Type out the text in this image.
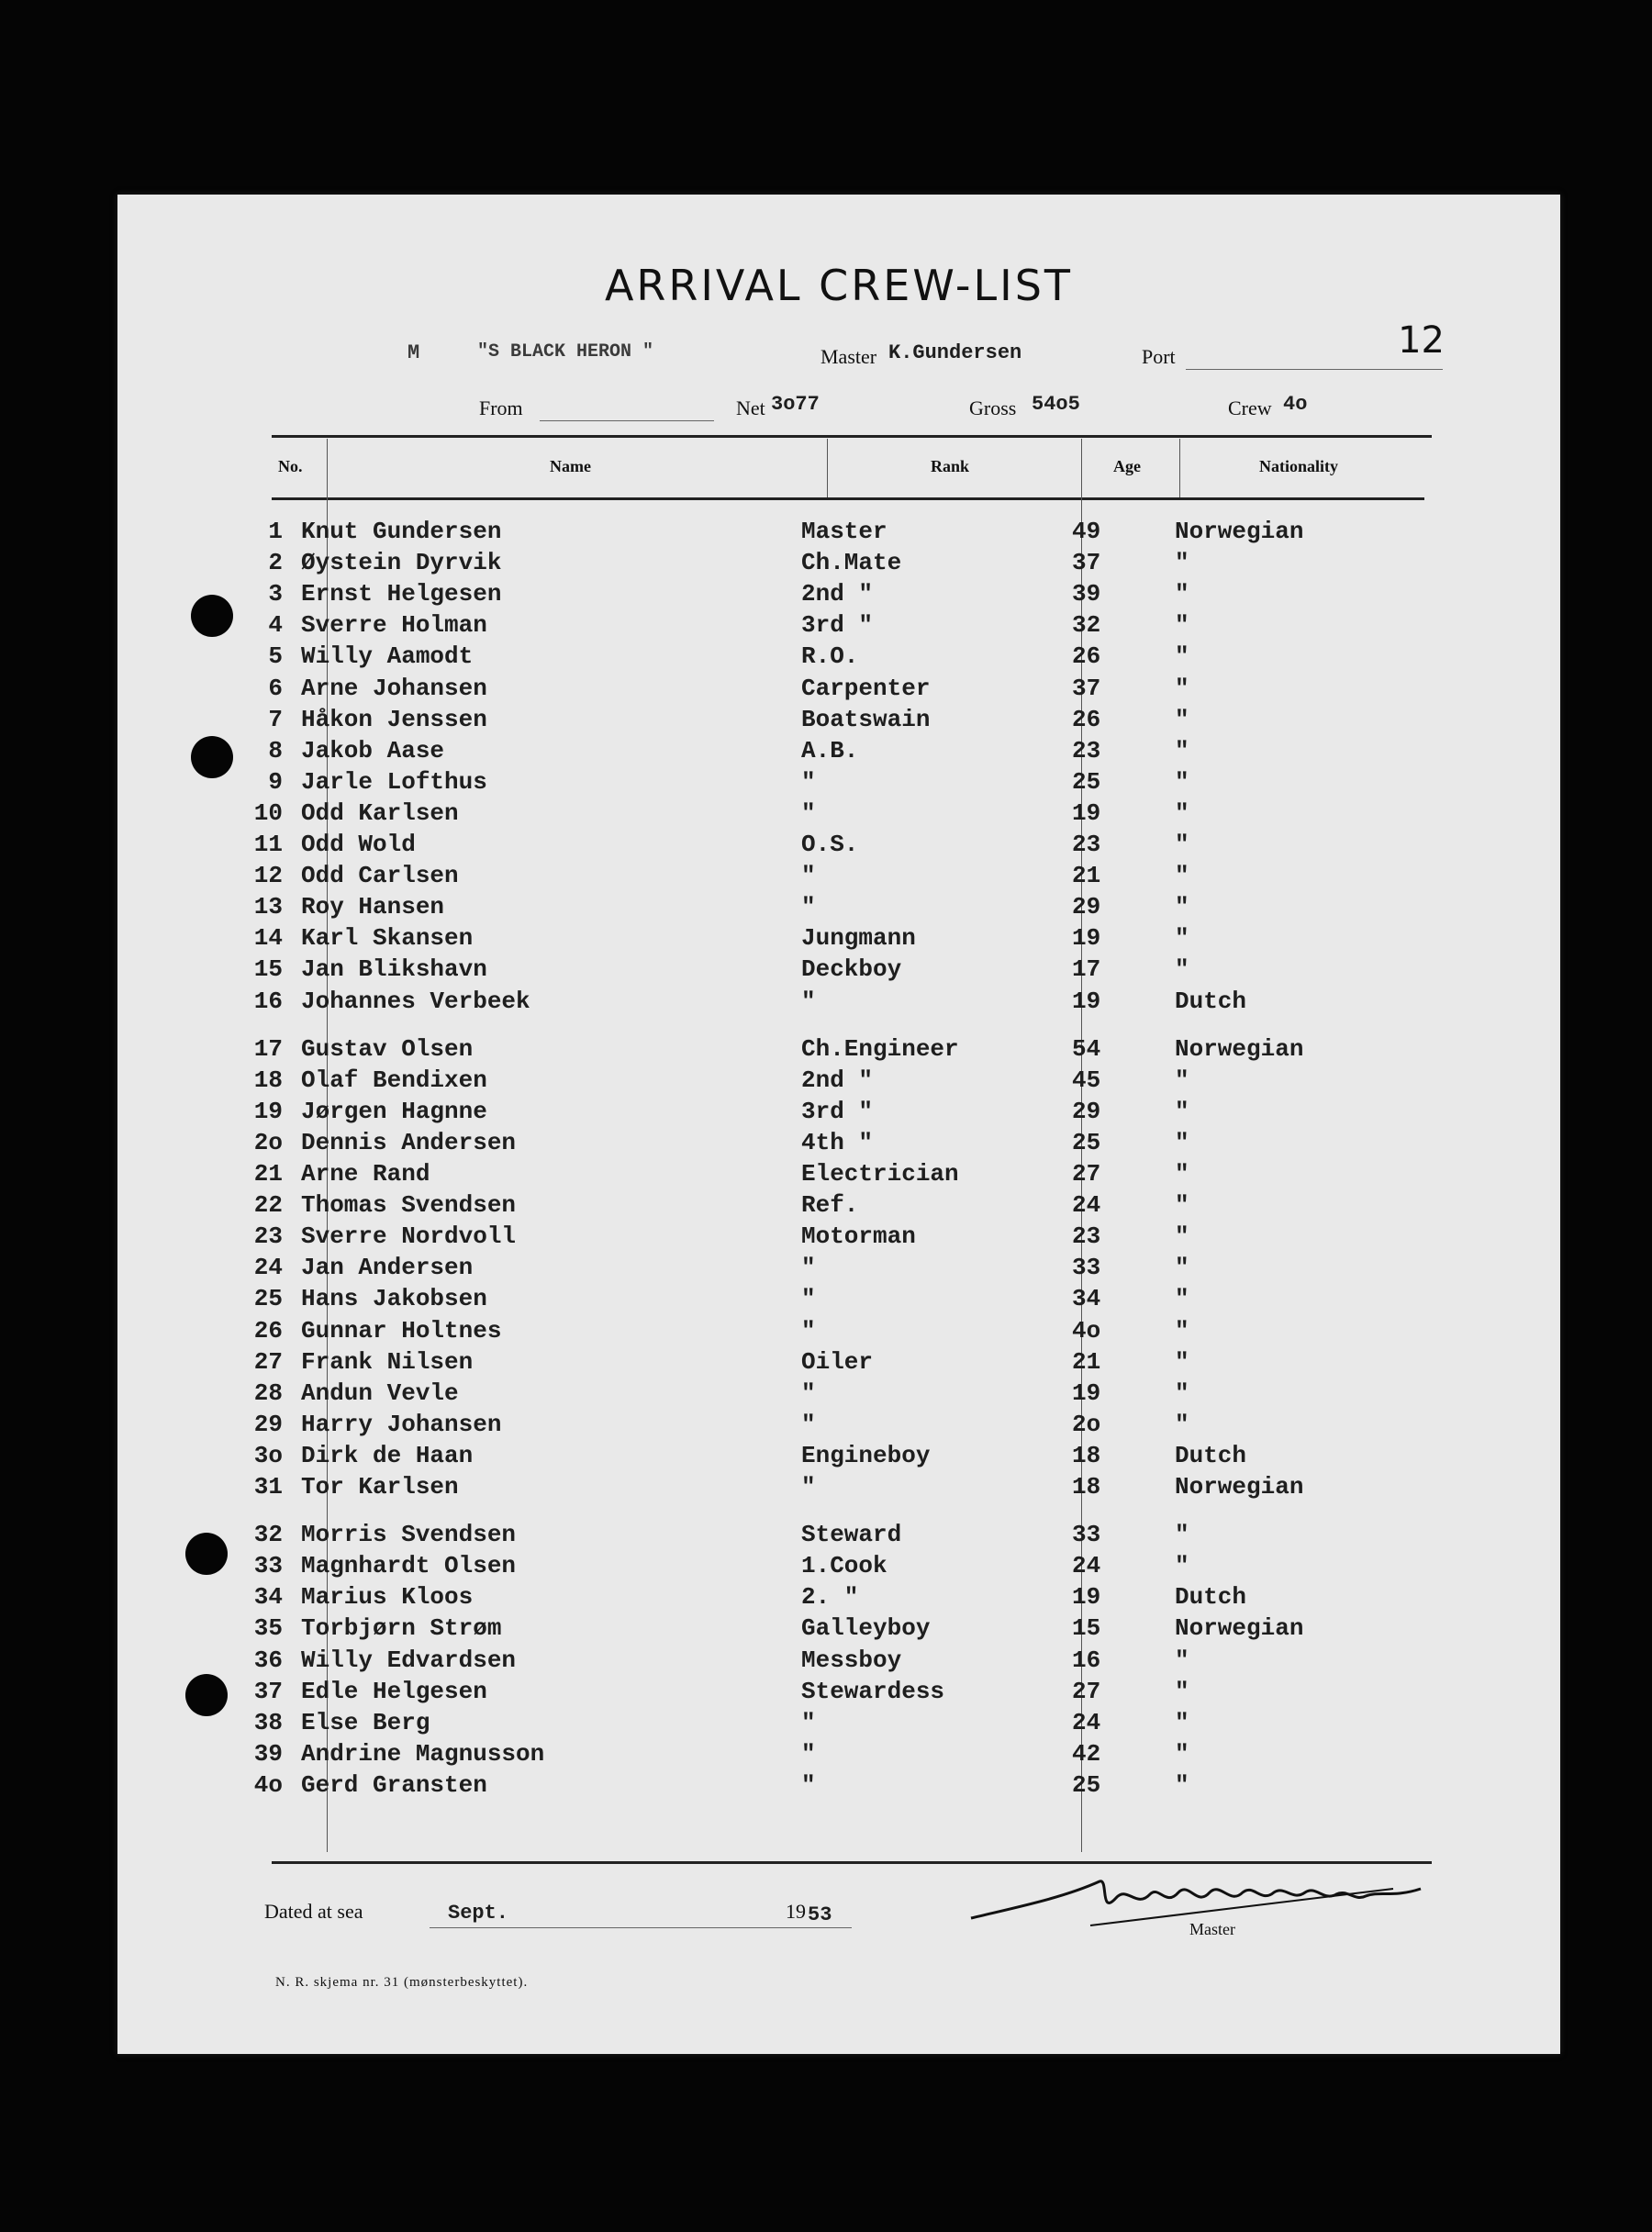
ARRIVAL CREW-LIST
12
M	"S BLACK HERON "	Master K.Gundersen	Port
From	Net 3o77	Gross 54o5	Crew 4o
No.	Name	Rank	Age	Nationality
1 Knut Gundersen	Master	49	Norwegian
2 Øystein Dyrvik	Ch.Mate	37	"
3 Ernst Helgesen	2nd "	39	"
4 Sverre Holman	3rd "	32	"
5 Willy Aamodt	R.O.	26	"
6 Arne Johansen	Carpenter	37	"
7 Håkon Jenssen	Boatswain	26	"
8 Jakob Aase	A.B.	23	"
9 Jarle Lofthus	"	25	"
10 Odd Karlsen	"	19	"
11 Odd Wold	O.S.	23	"
12 Odd Carlsen	"	21	"
13 Roy Hansen	"	29	"
14 Karl Skansen	Jungmann	19	"
15 Jan Blikshavn	Deckboy	17	"
16 Johannes Verbeek	"	19	Dutch
17 Gustav Olsen	Ch.Engineer	54	Norwegian
18 Olaf Bendixen	2nd "	45	"
19 Jørgen Hagnne	3rd "	29	"
2o Dennis Andersen	4th "	25	"
21 Arne Rand	Electrician	27	"
22 Thomas Svendsen	Ref.	24	"
23 Sverre Nordvoll	Motorman	23	"
24 Jan Andersen	"	33	"
25 Hans Jakobsen	"	34	"
26 Gunnar Holtnes	"	4o	"
27 Frank Nilsen	Oiler	21	"
28 Andun Vevle	"	19	"
29 Harry Johansen	"	2o	"
3o Dirk de Haan	Engineboy	18	Dutch
31 Tor Karlsen	"	18	Norwegian
32 Morris Svendsen	Steward	33	"
33 Magnhardt Olsen	1.Cook	24	"
34 Marius Kloos	2. "	19	Dutch
35 Torbjørn Strøm	Galleyboy	15	Norwegian
36 Willy Edvardsen	Messboy	16	"
37 Edle Helgesen	Stewardess	27	"
38 Else Berg	"	24	"
39 Andrine Magnusson	"	42	"
4o Gerd Gransten	"	25	"
Dated at sea	Sept.	19 53
Master
N. R. skjema nr. 31 (mønsterbeskyttet).
